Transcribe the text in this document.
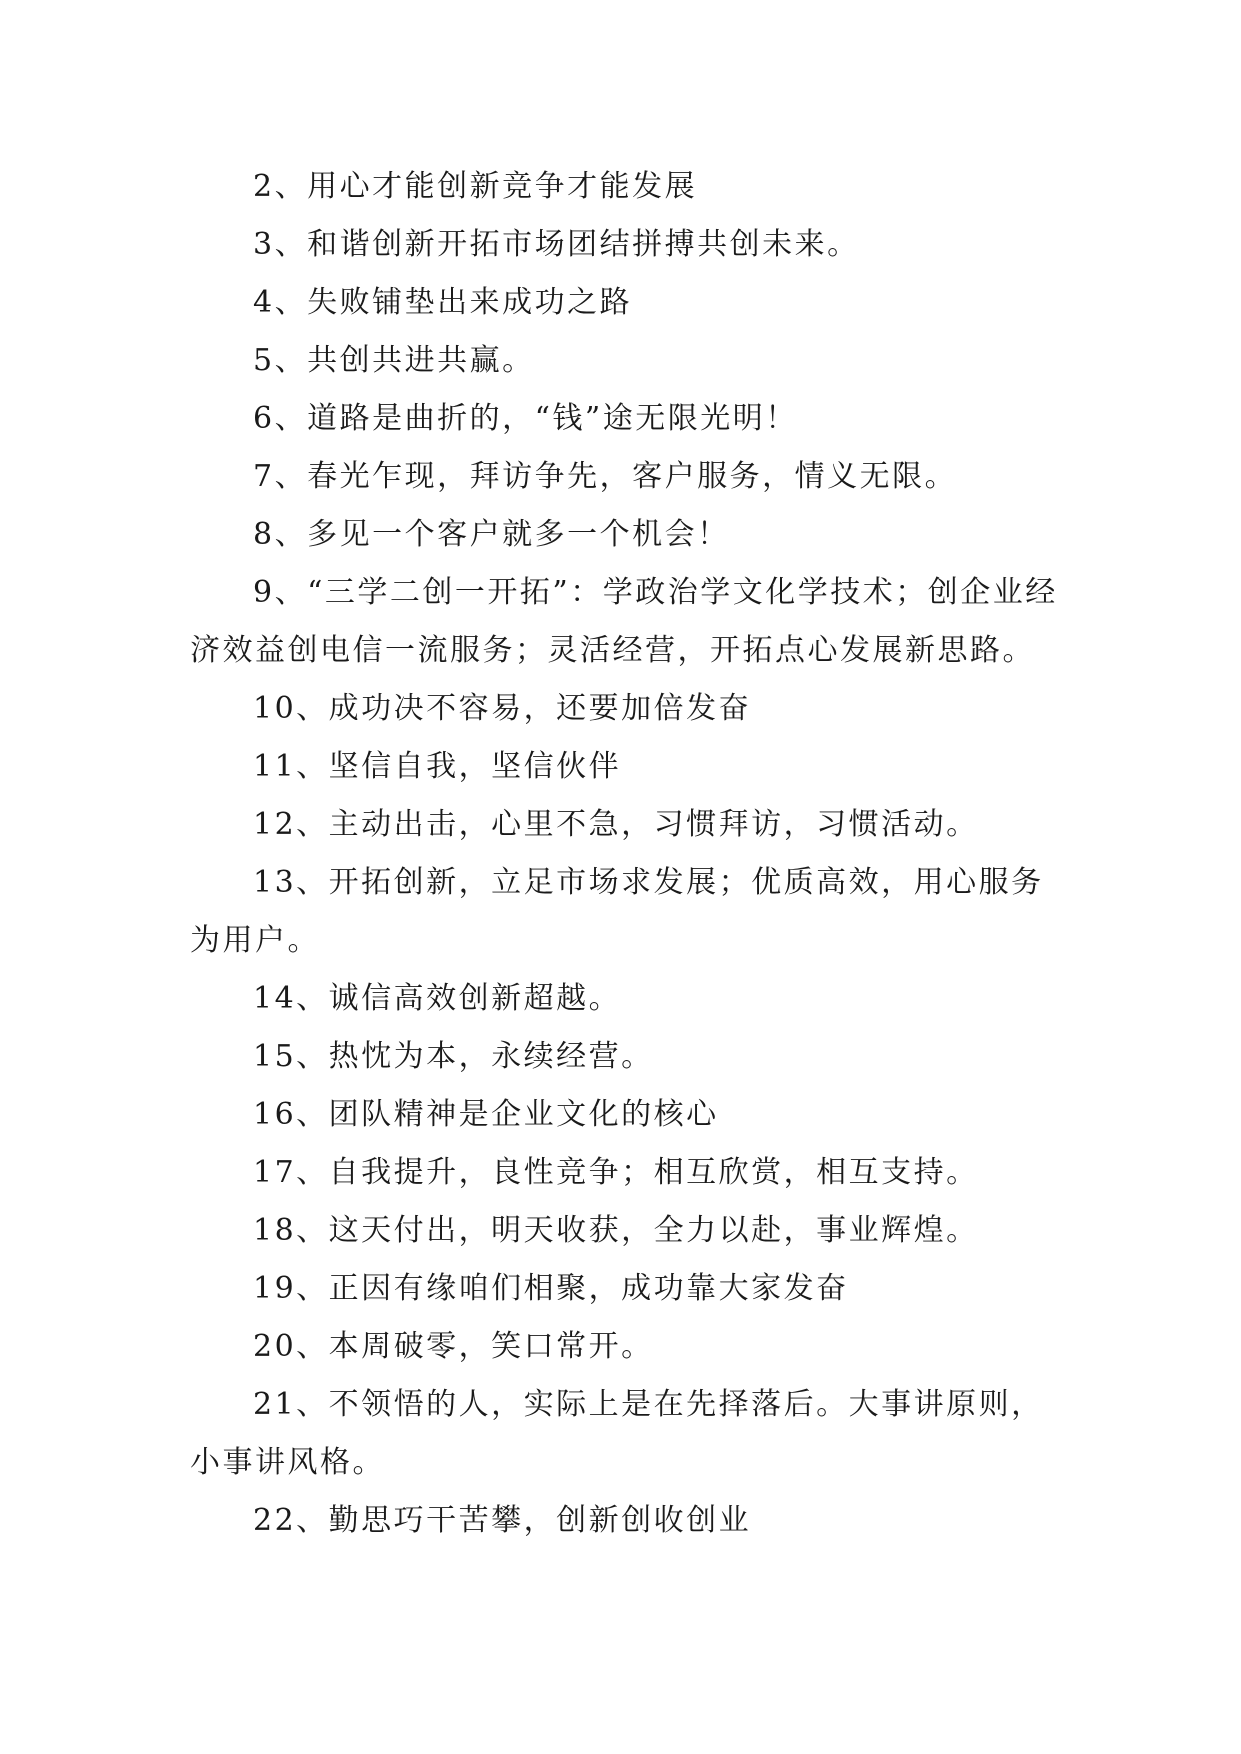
2、用心才能创新竞争才能发展

3、和谐创新开拓市场团结拼搏共创未来。

4、失败铺垫出来成功之路

5、共创共进共赢。

6、道路是曲折的，“钱”途无限光明！

7、春光乍现，拜访争先，客户服务，情义无限。

8、多见一个客户就多一个机会！

9、“三学二创一开拓”：学政治学文化学技术；创企业经济效益创电信一流服务；灵活经营，开拓点心发展新思路。

10、成功决不容易，还要加倍发奋

11、坚信自我，坚信伙伴

12、主动出击，心里不急，习惯拜访，习惯活动。

13、开拓创新，立足市场求发展；优质高效，用心服务为用户。

14、诚信高效创新超越。

15、热忱为本，永续经营。

16、团队精神是企业文化的核心

17、自我提升，良性竞争；相互欣赏，相互支持。

18、这天付出，明天收获，全力以赴，事业辉煌。

19、正因有缘咱们相聚，成功靠大家发奋

20、本周破零，笑口常开。

21、不领悟的人，实际上是在先择落后。大事讲原则，小事讲风格。

22、勤思巧干苦攀，创新创收创业
